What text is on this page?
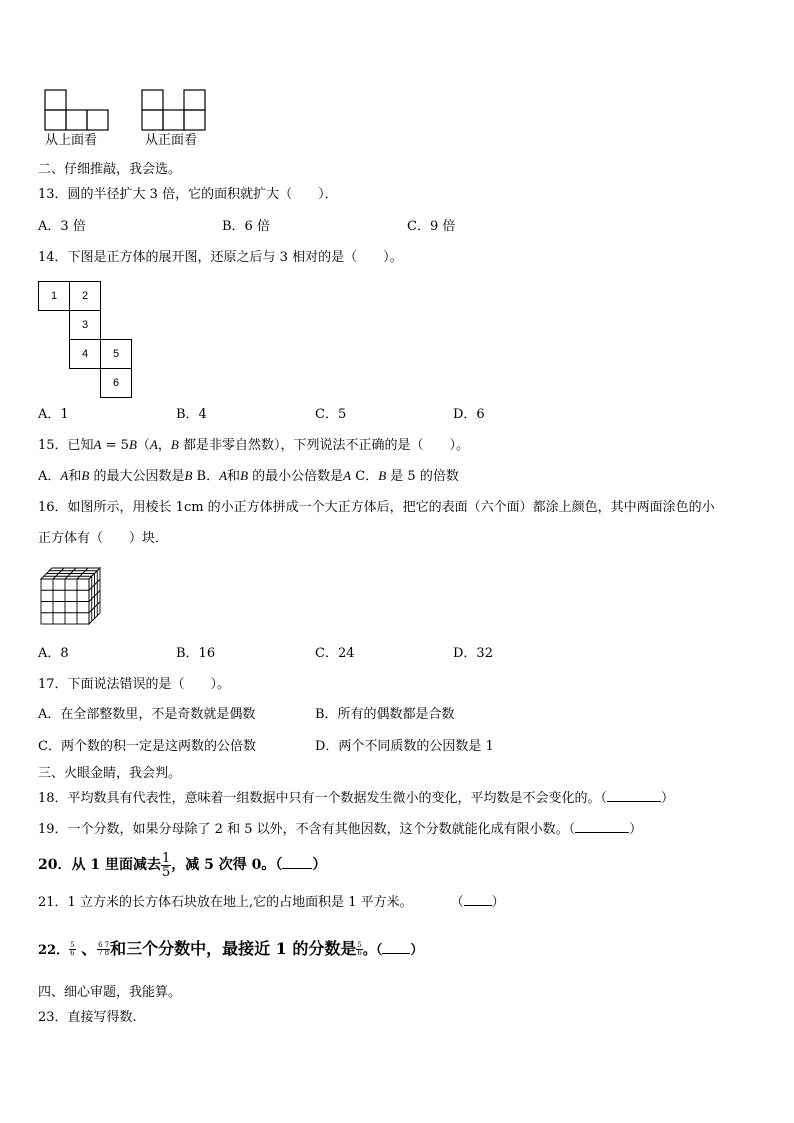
从上面看	从正面看
二、仔细推敲，我会选。
13．圆的半径扩大 3 倍，它的面积就扩大（　　）．
A．3 倍	B．6 倍	C．9 倍
14．下图是正方体的展开图，还原之后与 3 相对的是（　　）。
1	2
3
4	5
6
A．1	B．4	C．5	D．6
15．已知A = 5B（A，B 都是非零自然数），下列说法不正确的是（　　）。
A．A和B 的最大公因数是B B．A和B 的最小公倍数是A C．B 是 5 的倍数
16．如图所示，用棱长 1cm 的小正方体拼成一个大正方体后，把它的表面（六个面）都涂上颜色，其中两面涂色的小
正方体有（　　）块．
A．8	B．16	C．24	D．32
17．下面说法错误的是（　　）。
A．在全部整数里，不是奇数就是偶数	B．所有的偶数都是合数
C．两个数的积一定是这两数的公倍数	D．两个不同质数的公因数是 1
三、火眼金睛，我会判。
18．平均数具有代表性，意味着一组数据中只有一个数据发生微小的变化，平均数是不会变化的。（	）
19．一个分数，如果分母除了 2 和 5 以外，不含有其他因数，这个分数就能化成有限小数。（	）
20．从 1 里面减去 $\frac{1}{5}$ ，减 5 次得 0。（ ）
21．1 立方米的长方体石块放在地上,它的占地面积是 1 平方米。	（ ）
22． $\frac{5}{6}$ 、 $\frac{6}{7} \frac{7}{8}$ 和三个分数中，最接近 1 的分数是 $\frac{5}{6}$ 。（ ）
四、细心审题，我能算。
23．直接写得数.
